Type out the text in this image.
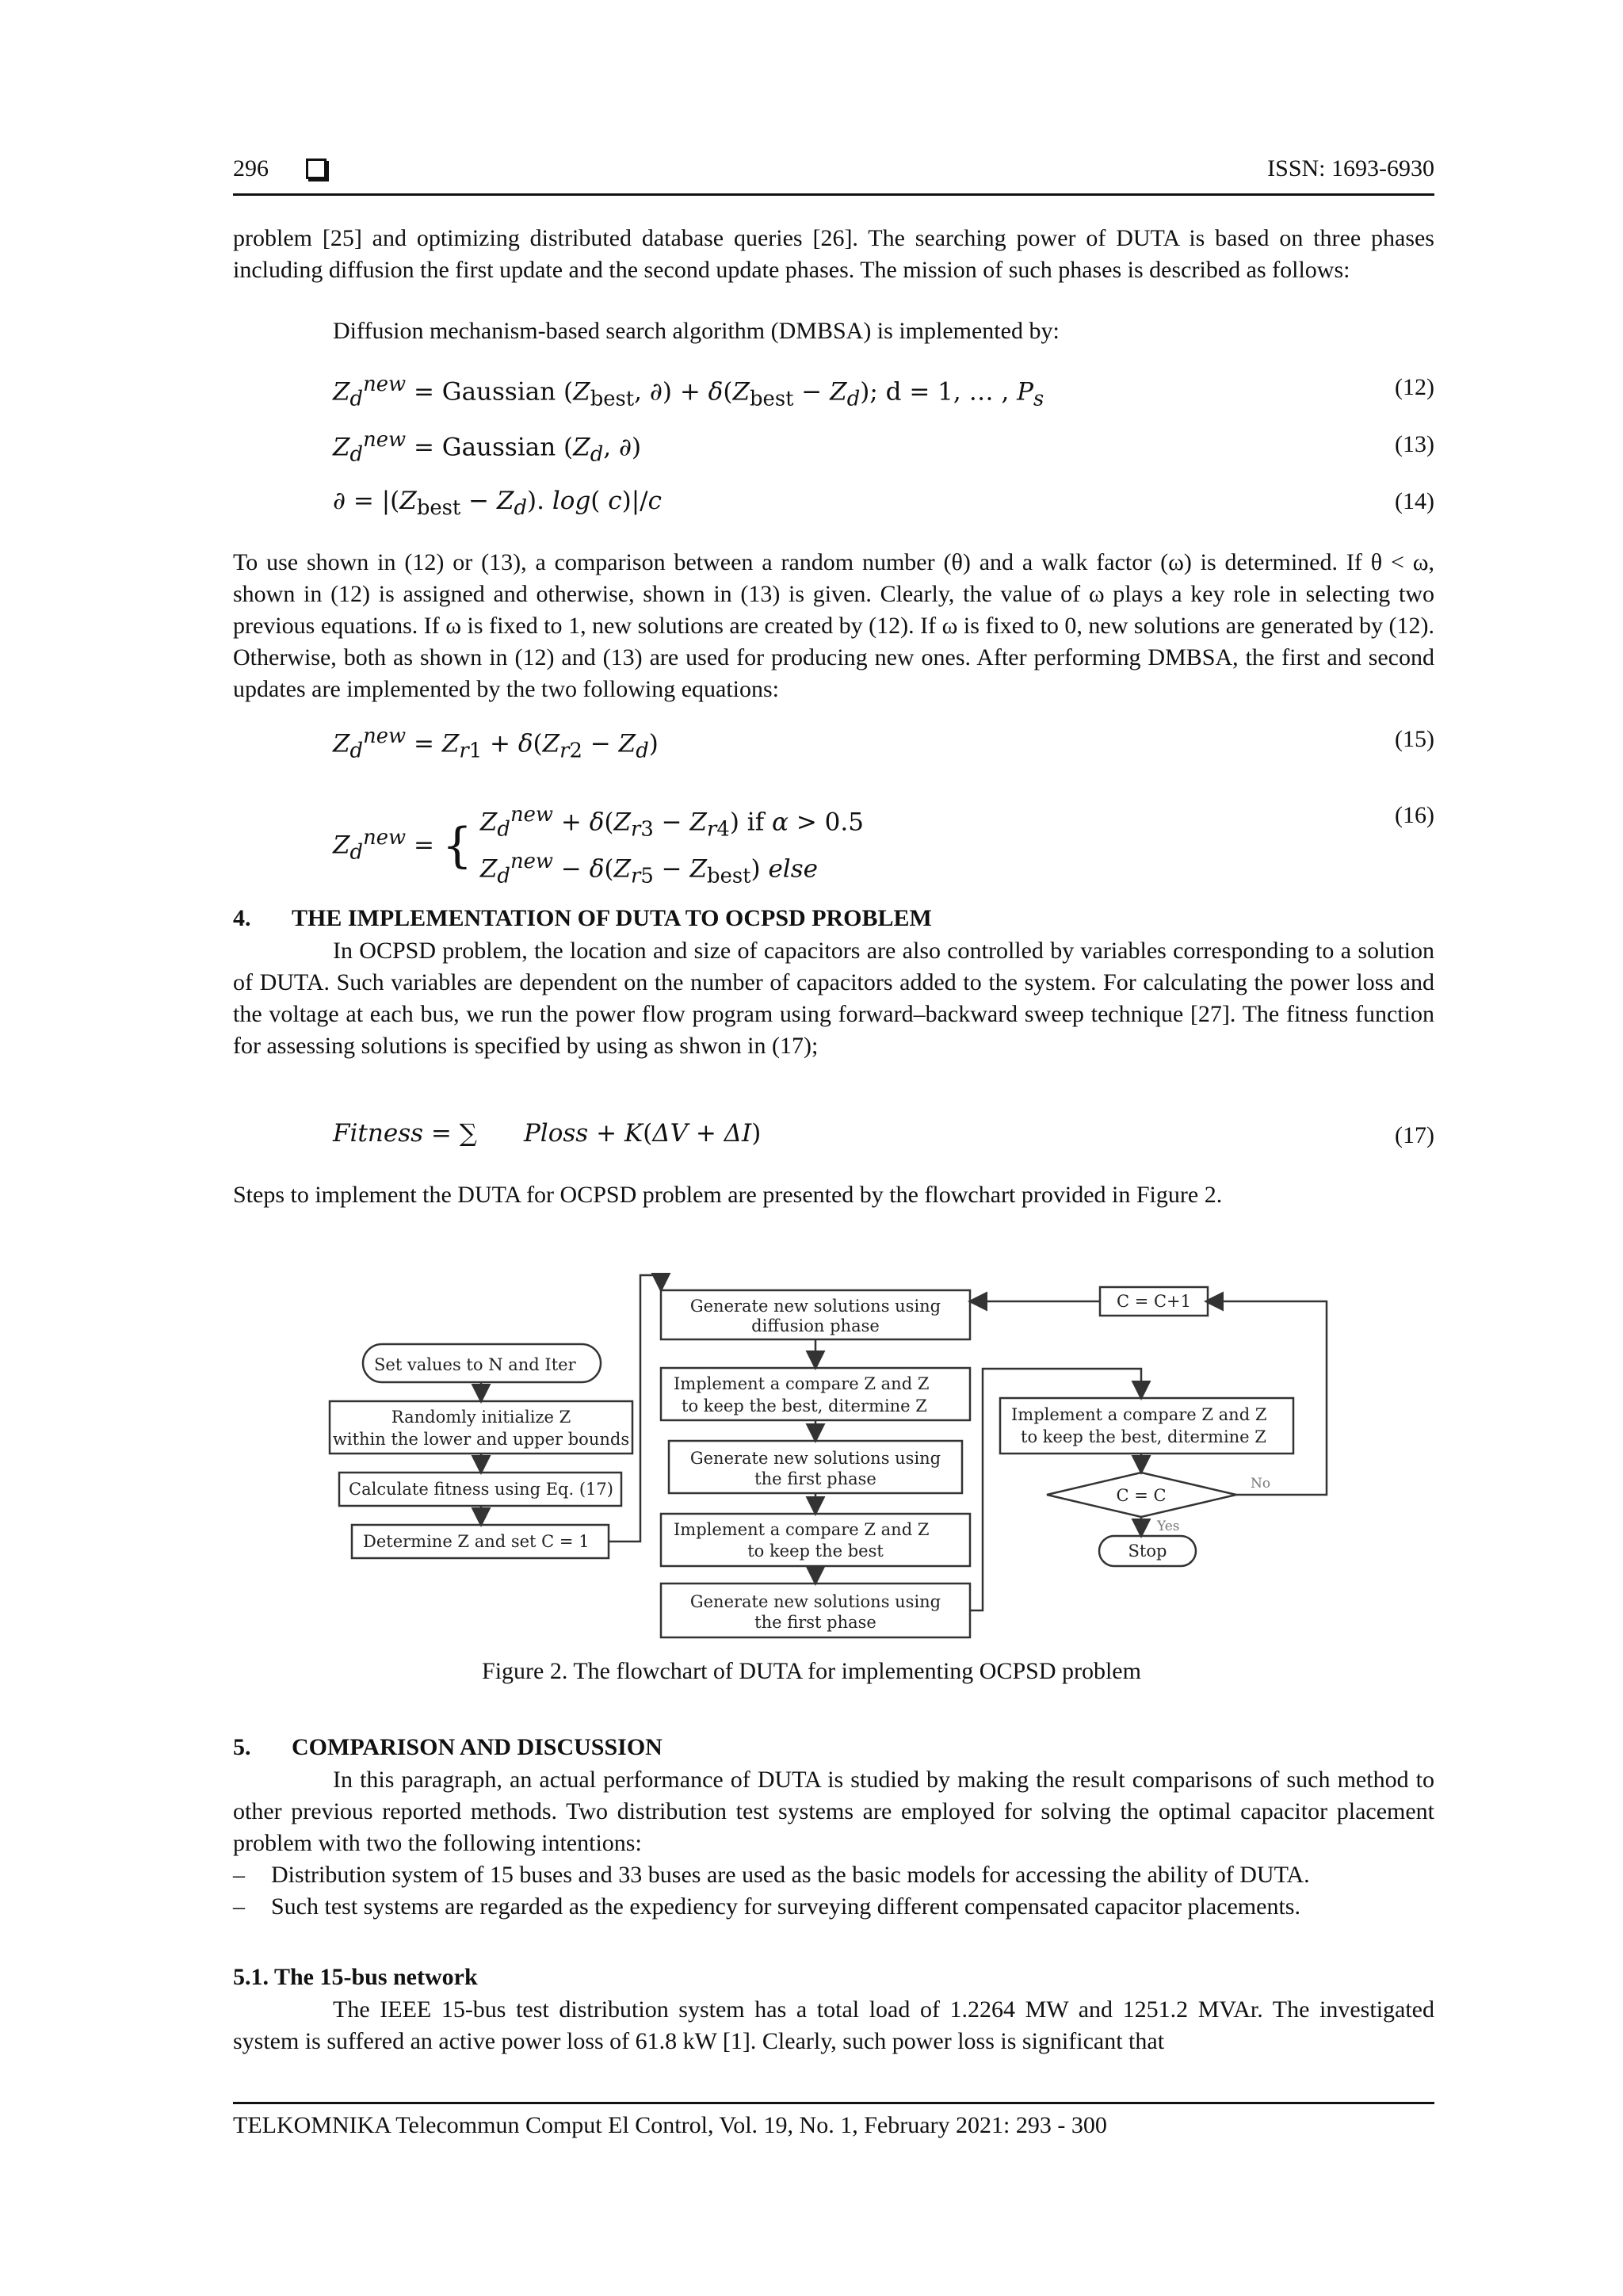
296	ISSN: 1693-6930

problem [25] and optimizing distributed database queries [26]. The searching power of DUTA is based on three phases including diffusion the first update and the second update phases. The mission of such phases is described as follows:

Diffusion mechanism-based search algorithm (DMBSA) is implemented by:
$Z_d^{new}$ = Gaussian ($Z_{best}$, ∂) + $\delta(Z_{best} - Z_d)$; d = 1, … , $P_s$	(12)
$Z_d^{new}$ = Gaussian ($Z_d$, ∂)	(13)
∂ = $|(Z_{best} - Z_d)$. log( c)|/c	(14)

To use shown in (12) or (13), a comparison between a random number (θ) and a walk factor (ω) is determined. If θ < ω, shown in (12) is assigned and otherwise, shown in (13) is given. Clearly, the value of ω plays a key role in selecting two previous equations. If ω is fixed to 1, new solutions are created by (12). If ω is fixed to 0, new solutions are generated by (12). Otherwise, both as shown in (12) and (13) are used for producing new ones. After performing DMBSA, the first and second updates are implemented by the two following equations:

$Z_d^{new} = Z_{r1} + \delta(Z_{r2} - Z_d)$	(15)
$Z_d^{new}$ = { $Z_d^{new} + \delta(Z_{r3} - Z_{r4})$ if α > 0.5
$Z_d^{new} - \delta(Z_{r5} - Z_{best})$ else
(16)
4. THE IMPLEMENTATION OF DUTA TO OCPSD PROBLEM

In OCPSD problem, the location and size of capacitors are also controlled by variables corresponding to a solution of DUTA. Such variables are dependent on the number of capacitors added to the system. For calculating the power loss and the voltage at each bus, we run the power flow program using forward–backward sweep technique [27]. The fitness function for assessing solutions is specified by using as shwon in (17);

Fitness = ∑      Ploss + K(ΔV + ΔI)	(17)

Steps to implement the DUTA for OCPSD problem are presented by the flowchart provided in Figure 2.

Set values to N and Iter
Randomly initialize Z
within the lower and upper bounds
Calculate fitness using Eq. (17)
Determine Z and set C = 1
Generate new solutions using
diffusion phase
Implement a compare Z and Z
to keep the best, ditermine Z
Generate new solutions using
the first phase
Implement a compare Z and Z
to keep the best
Generate new solutions using
the first phase
C = C+1
Implement a compare Z and Z
to keep the best, ditermine Z
C = C
No
Yes
Stop
Figure 2. The flowchart of DUTA for implementing OCPSD problem
5. COMPARISON AND DISCUSSION

In this paragraph, an actual performance of DUTA is studied by making the result comparisons of such method to other previous reported methods. Two distribution test systems are employed for solving the optimal capacitor placement problem with two the following intentions:

– Distribution system of 15 buses and 33 buses are used as the basic models for accessing the ability of DUTA.
– Such test systems are regarded as the expediency for surveying different compensated capacitor placements.
5.1. The 15-bus network

The IEEE 15-bus test distribution system has a total load of 1.2264 MW and 1251.2 MVAr. The investigated system is suffered an active power loss of 61.8 kW [1]. Clearly, such power loss is significant that

TELKOMNIKA Telecommun Comput El Control, Vol. 19, No. 1, February 2021: 293 - 300
